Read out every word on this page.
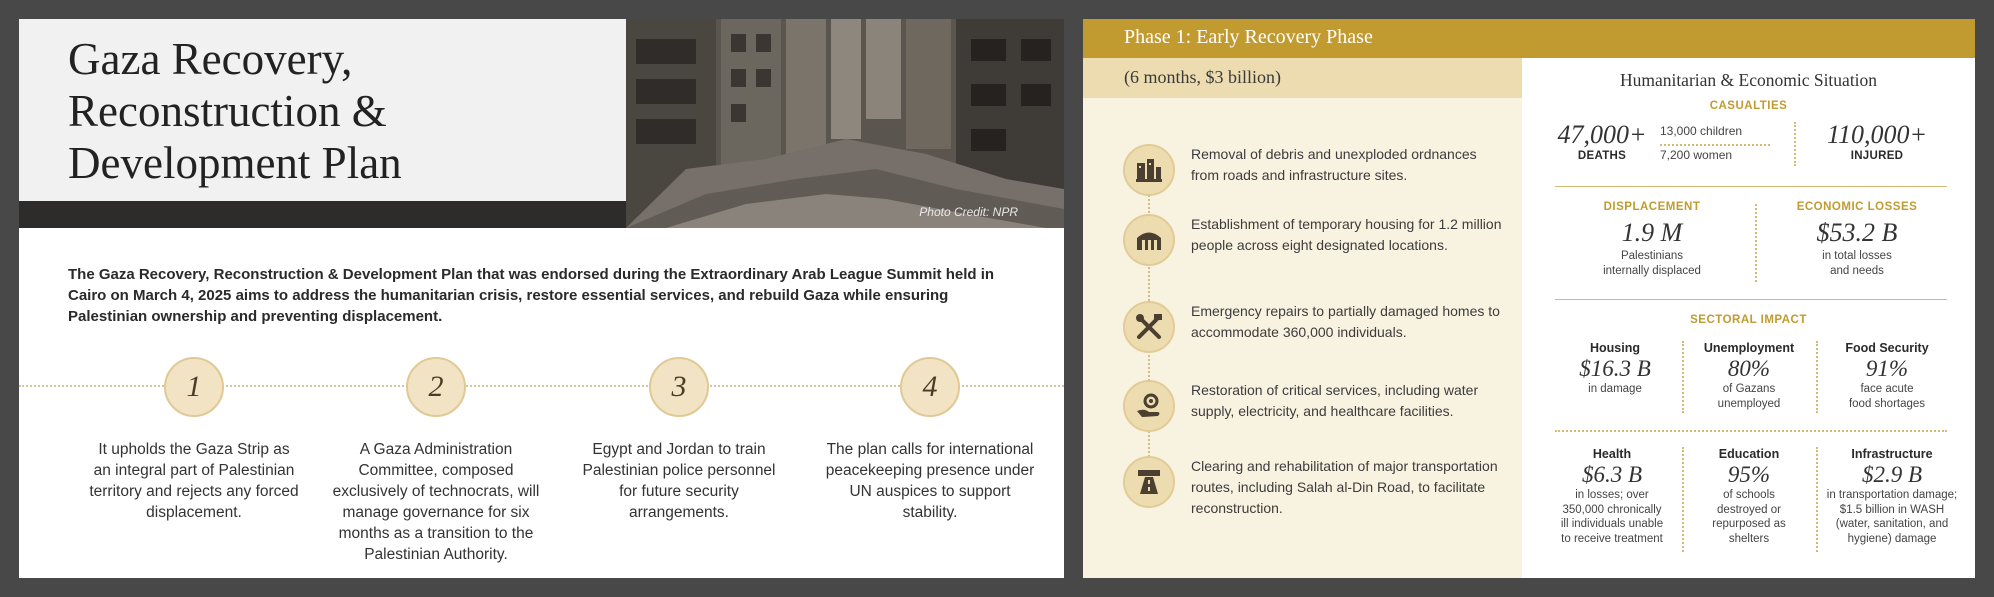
Gaza Recovery,
Reconstruction &
Development Plan
Photo Credit: NPR
The Gaza Recovery, Reconstruction & Development Plan that was endorsed during the Extraordinary Arab League Summit held in Cairo on March 4, 2025 aims to address the humanitarian crisis, restore essential services, and rebuild Gaza while ensuring Palestinian ownership and preventing displacement.
1
It upholds the Gaza Strip as an integral part of Palestinian territory and rejects any forced displacement.
2
A Gaza Administration Committee, composed exclusively of technocrats, will manage governance for six months as a transition to the Palestinian Authority.
3
Egypt and Jordan to train Palestinian police personnel for future security arrangements.
4
The plan calls for international peacekeeping presence under UN auspices to support stability.
Phase 1: Early Recovery Phase
(6 months, $3 billion)
Removal of debris and unexploded ordnances from roads and infrastructure sites.
Establishment of temporary housing for 1.2 million people across eight designated locations.
Emergency repairs to partially damaged homes to accommodate 360,000 individuals.
Restoration of critical services, including water supply, electricity, and healthcare facilities.
Clearing and rehabilitation of major transportation routes, including Salah al-Din Road, to facilitate reconstruction.
Humanitarian & Economic Situation
CASUALTIES
47,000+
DEATHS
13,000 children
7,200 women
110,000+
INJURED
DISPLACEMENT
1.9 M
Palestinians
internally displaced
ECONOMIC LOSSES
$53.2 B
in total losses
and needs
SECTORAL IMPACT
Housing
$16.3 B
in damage
Unemployment
80%
of Gazans
unemployed
Food Security
91%
face acute
food shortages
Health
$6.3 B
in losses; over
350,000 chronically
ill individuals unable
to receive treatment
Education
95%
of schools
destroyed or
repurposed as
shelters
Infrastructure
$2.9 B
in transportation damage;
$1.5 billion in WASH
(water, sanitation, and
hygiene) damage
